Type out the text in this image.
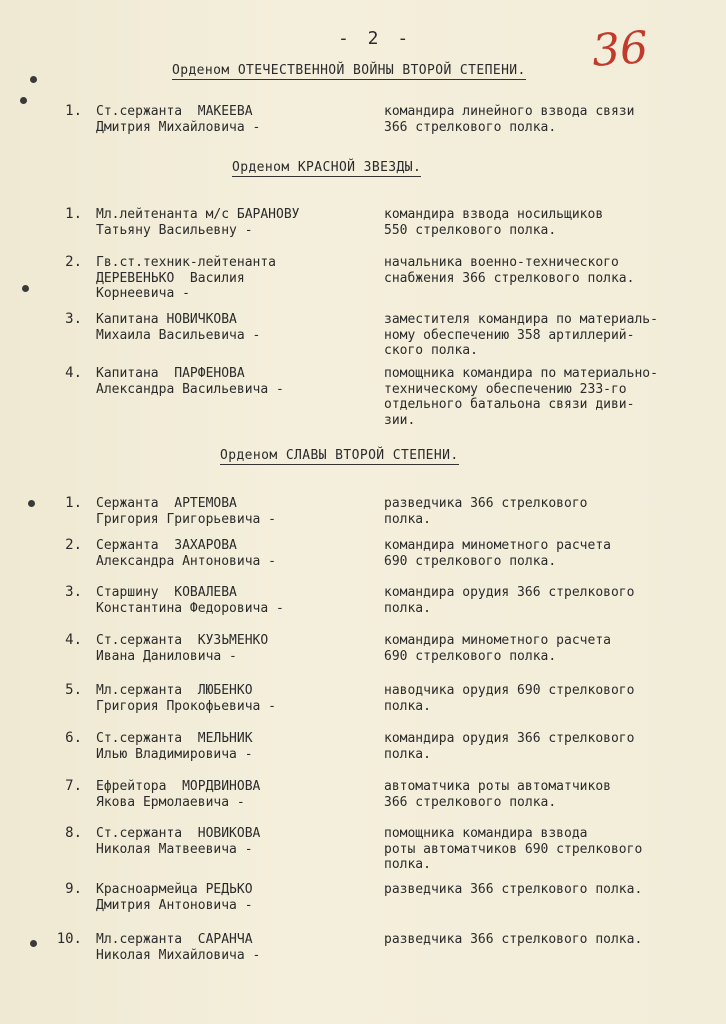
- 2 -	36
Орденом ОТЕЧЕСТВЕННОЙ ВОЙНЫ ВТОРОЙ СТЕПЕНИ.
1. Ст.сержанта  МАКЕЕВА
Дмитрия Михайловича -
командира линейного взвода связи
366 стрелкового полка.
Орденом КРАСНОЙ ЗВЕЗДЫ.
1. Мл.лейтенанта м/с БАРАНОВУ
Татьяну Васильевну -
командира взвода носильщиков
550 стрелкового полка.
2. Гв.ст.техник-лейтенанта
ДЕРЕВЕНЬКО  Василия
Корнеевича -
начальника военно-технического
снабжения 366 стрелкового полка.
3. Капитана НОВИЧКОВА
Михаила Васильевича -
заместителя командира по материаль-
ному обеспечению 358 артиллерий-
ского полка.
4. Капитана  ПАРФЕНОВА
Александра Васильевича -
помощника командира по материально-
техническому обеспечению 233-го
отдельного батальона связи диви-
зии.
Орденом СЛАВЫ ВТОРОЙ СТЕПЕНИ.
1. Сержанта  АРТЕМОВА
Григория Григорьевича -
разведчика 366 стрелкового
полка.
2. Сержанта  ЗАХАРОВА
Александра Антоновича -
командира минометного расчета
690 стрелкового полка.
3. Старшину  КОВАЛЕВА
Константина Федоровича -
командира орудия 366 стрелкового
полка.
4. Ст.сержанта  КУЗЬМЕНКО
Ивана Даниловича -
командира минометного расчета
690 стрелкового полка.
5. Мл.сержанта  ЛЮБЕНКО
Григория Прокофьевича -
наводчика орудия 690 стрелкового
полка.
6. Ст.сержанта  МЕЛЬНИК
Илью Владимировича -
командира орудия 366 стрелкового
полка.
7. Ефрейтора  МОРДВИНОВА
Якова Ермолаевича -
автоматчика роты автоматчиков
366 стрелкового полка.
8. Ст.сержанта  НОВИКОВА
Николая Матвеевича -
помощника командира взвода
роты автоматчиков 690 стрелкового
полка.
9. Красноармейца РЕДЬКО
Дмитрия Антоновича -
разведчика 366 стрелкового полка.
10. Мл.сержанта  САРАНЧА
Николая Михайловича -
разведчика 366 стрелкового полка.
